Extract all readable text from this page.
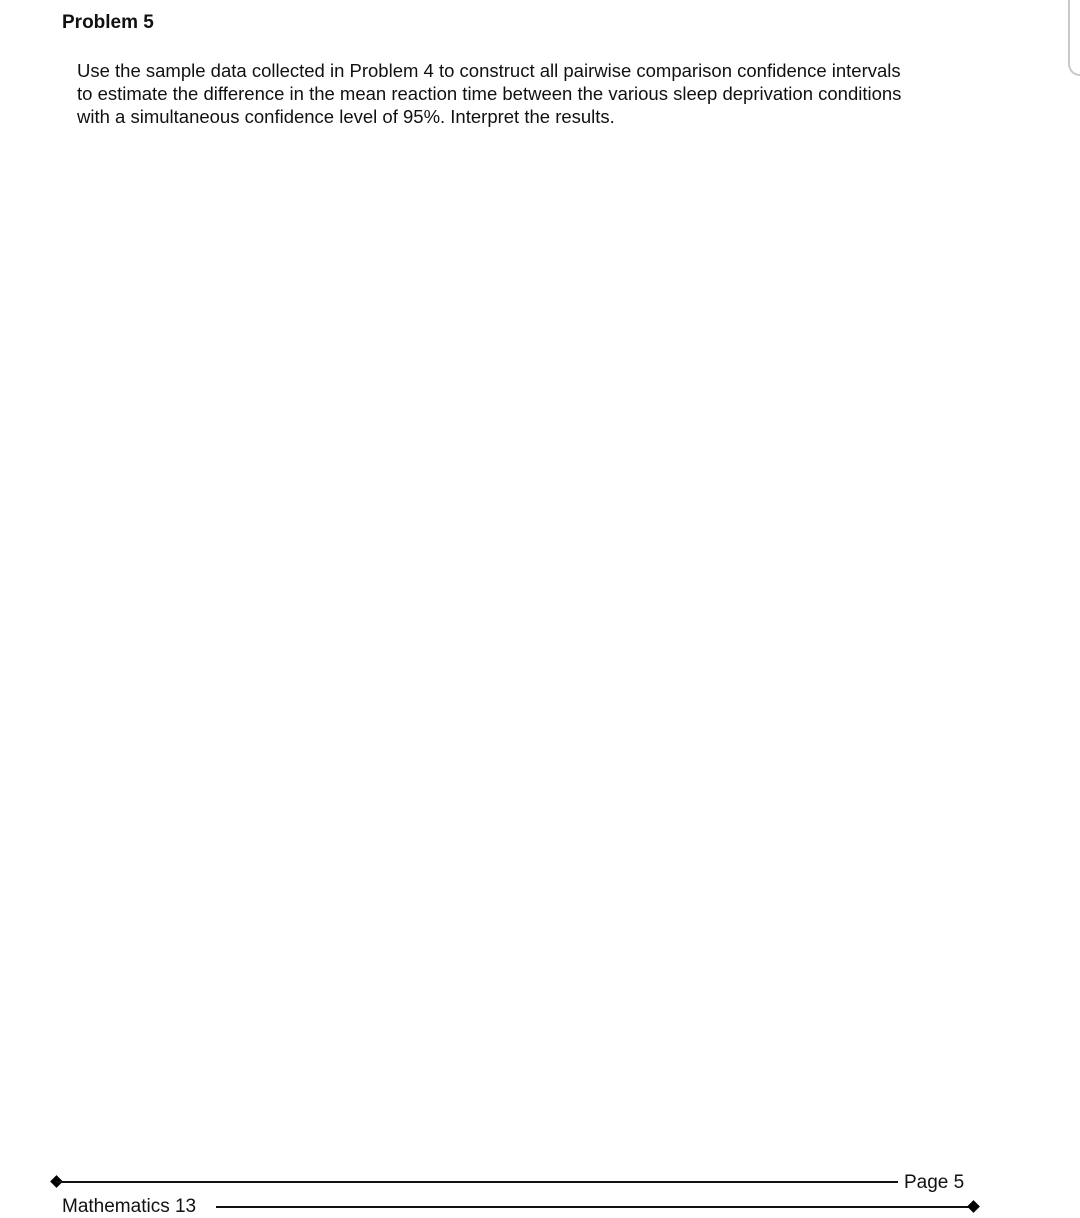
Problem 5
Use the sample data collected in Problem 4 to construct all pairwise comparison confidence intervals
to estimate the difference in the mean reaction time between the various sleep deprivation conditions
with a simultaneous confidence level of 95%. Interpret the results.
Page 5
Mathematics 13
